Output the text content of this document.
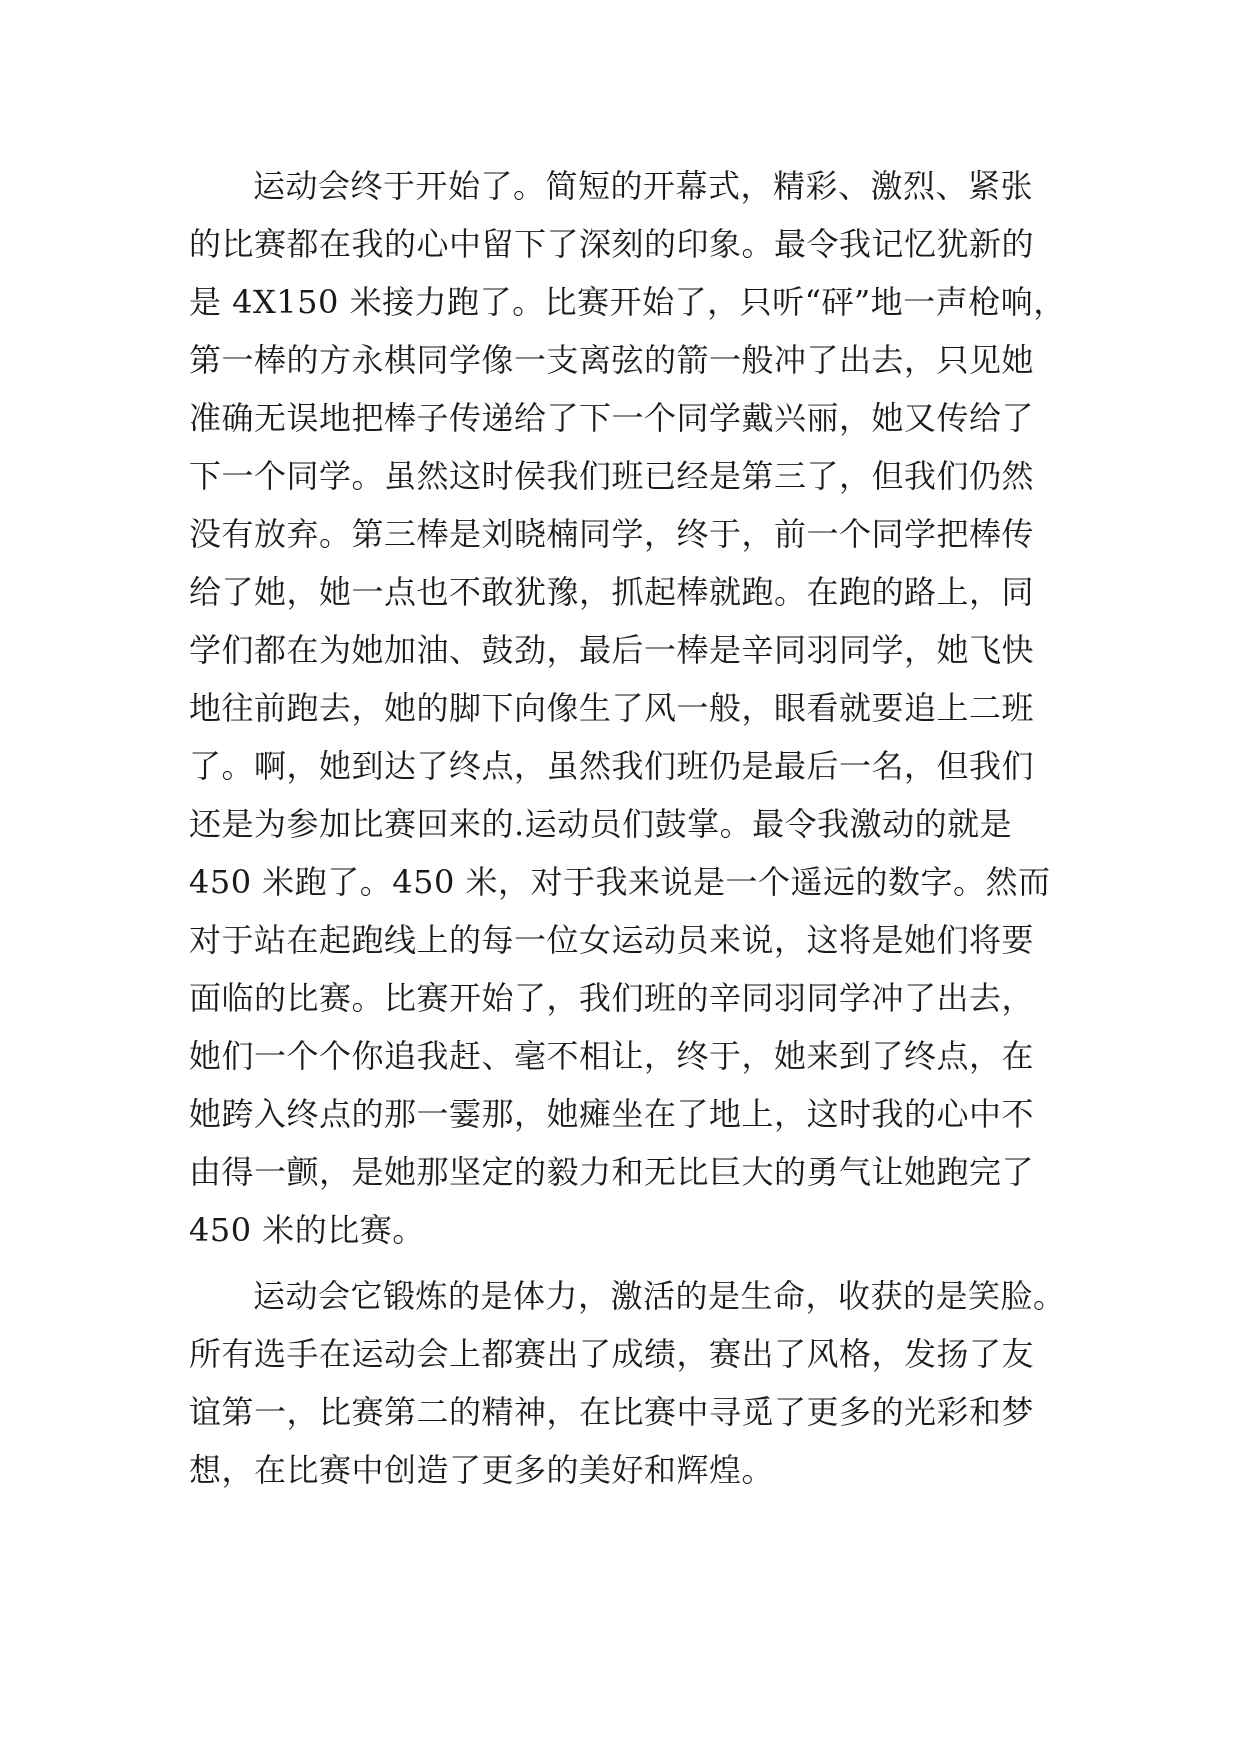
运动会终于开始了。简短的开幕式，精彩、激烈、紧张
的比赛都在我的心中留下了深刻的印象。最令我记忆犹新的
是 4X150 米接力跑了。比赛开始了，只听“砰”地一声枪响，
第一棒的方永棋同学像一支离弦的箭一般冲了出去，只见她
准确无误地把棒子传递给了下一个同学戴兴丽，她又传给了
下一个同学。虽然这时侯我们班已经是第三了，但我们仍然
没有放弃。第三棒是刘晓楠同学，终于，前一个同学把棒传
给了她，她一点也不敢犹豫，抓起棒就跑。在跑的路上，同
学们都在为她加油、鼓劲，最后一棒是辛同羽同学，她飞快
地往前跑去，她的脚下向像生了风一般，眼看就要追上二班
了。啊，她到达了终点，虽然我们班仍是最后一名，但我们
还是为参加比赛回来的.运动员们鼓掌。最令我激动的就是
450 米跑了。450 米，对于我来说是一个遥远的数字。然而
对于站在起跑线上的每一位女运动员来说，这将是她们将要
面临的比赛。比赛开始了，我们班的辛同羽同学冲了出去，
她们一个个你追我赶、毫不相让，终于，她来到了终点，在
她跨入终点的那一霎那，她瘫坐在了地上，这时我的心中不
由得一颤，是她那坚定的毅力和无比巨大的勇气让她跑完了
450 米的比赛。
运动会它锻炼的是体力，激活的是生命，收获的是笑脸。
所有选手在运动会上都赛出了成绩，赛出了风格，发扬了友
谊第一，比赛第二的精神，在比赛中寻觅了更多的光彩和梦
想，在比赛中创造了更多的美好和辉煌。
